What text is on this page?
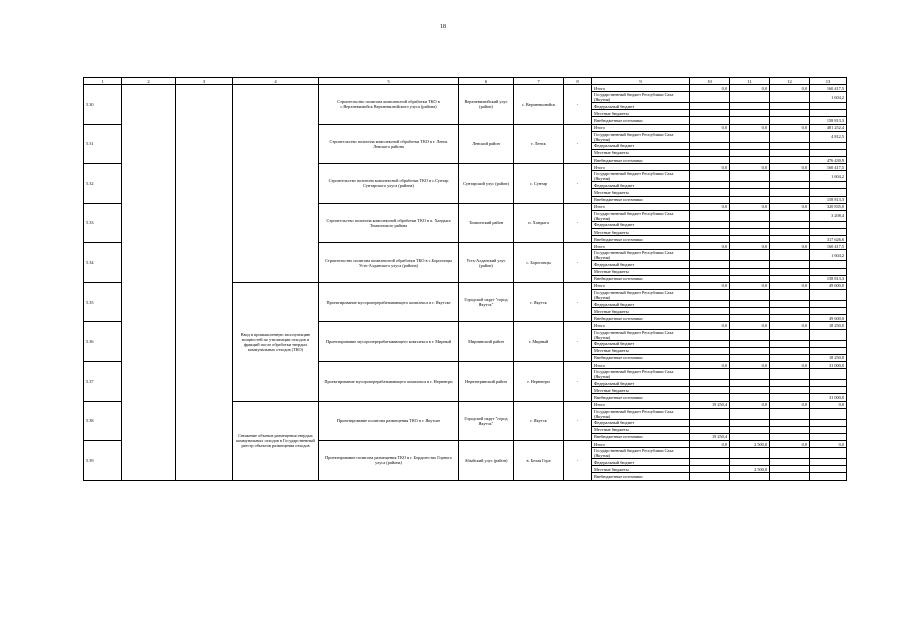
18
1	2	3	4	5	6	7	8	9	10	11	12	13
5.30				Строительство полигона комплексной обработки ТКО в с.Верхневилюйск Верхневилюйского улуса (района)	Верхневилюйский улус (район)	с. Верхневилюйск	-	Итого	0,0	0,0	0,0	160 417,5
								Государственный бюджет Республики Саха (Якутия)				1 604,2
								Федеральный бюджет				
								Местные бюджеты				
								Внебюджетные источники				158 813,3
5.31				Строительство полигона комплексной обработки ТКО в г. Ленск Ленского района	Ленский район	г. Ленск	-	Итого	0,0	0,0	0,0	481 252,4
								Государственный бюджет Республики Саха (Якутия)				4 812,5
								Федеральный бюджет				
								Местные бюджеты				
								Внебюджетные источники				476 439,9
5.32				Строительство полигона комплексной обработки ТКО в с.Сунтар Сунтарского улуса (района)	Сунтарский улус (район)	с. Сунтар	-	Итого	0,0	0,0	0,0	160 417,5
								Государственный бюджет Республики Саха (Якутия)				1 604,2
								Федеральный бюджет				
								Местные бюджеты				
								Внебюджетные источники				158 813,3
5.33				Строительство полигона комплексной обработки ТКО в п. Хандыга Томпонского района	Томпонский район	п. Хандыга	-	Итого	0,0	0,0	0,0	320 835,0
								Государственный бюджет Республики Саха (Якутия)				3 208,4
								Федеральный бюджет				
								Местные бюджеты				
								Внебюджетные источники				317 626,6
5.34				Строительство полигона комплексной обработки ТКО в с.Борогонцы Усть-Алданского улуса (района)	Усть-Алданский улус (район)	с. Борогонцы	-	Итого	0,0	0,0	0,0	160 417,5
								Государственный бюджет Республики Саха (Якутия)				1 604,2
								Федеральный бюджет				
								Местные бюджеты				
								Внебюджетные источники				158 813,3
5.35			Ввод в промышленную эксплуатацию мощностей по утилизации отходов и фракций после обработки твердых коммунальных отходов (ТКО)	Проектирование мусороперерабатывающего комплекса в г. Якутске	Городской округ "город Якутск"	г. Якутск	-	Итого	0,0	0,0	0,0	49 600,0
								Государственный бюджет Республики Саха (Якутия)				
								Федеральный бюджет				
								Местные бюджеты				
								Внебюджетные источники				49 600,0
5.36				Проектирование мусороперерабатывающего комплекса в г. Мирный	Мирнинский район	г. Мирный	-	Итого	0,0	0,0	0,0	18 250,0
								Государственный бюджет Республики Саха (Якутия)				
								Федеральный бюджет				
								Местные бюджеты				
								Внебюджетные источники				18 250,0
5.37				Проектирование мусороперерабатывающего комплекса в г. Нерюнгри	Нерюнгринский район	г. Нерюнгри	-	Итого	0,0	0,0	0,0	31 000,0
								Государственный бюджет Республики Саха (Якутия)				
								Федеральный бюджет				
								Местные бюджеты				
								Внебюджетные источники				31 000,0
5.38			Снижение объемов размещения твердых коммунальных отходов в Государственный реестр объектов размещения отходов	Проектирование полигона размещения ТКО в г. Якутске	Городской округ "город Якутск"	г. Якутск	-	Итого	19 250,4	0,0	0,0	0,0
								Государственный бюджет Республики Саха (Якутия)				
								Федеральный бюджет				
								Местные бюджеты				
								Внебюджетные источники	19 250,4			
5.39				Проектирование полигона размещения ТКО в г. Бердигестях Горного улуса (района)	Абыйский улус (район)	в. Белая Гора	-	Итого	0,0	2 500,0	0,0	0,0
								Государственный бюджет Республики Саха (Якутия)				
								Федеральный бюджет				
								Местные бюджеты		2 500,0		
								Внебюджетные источники				
